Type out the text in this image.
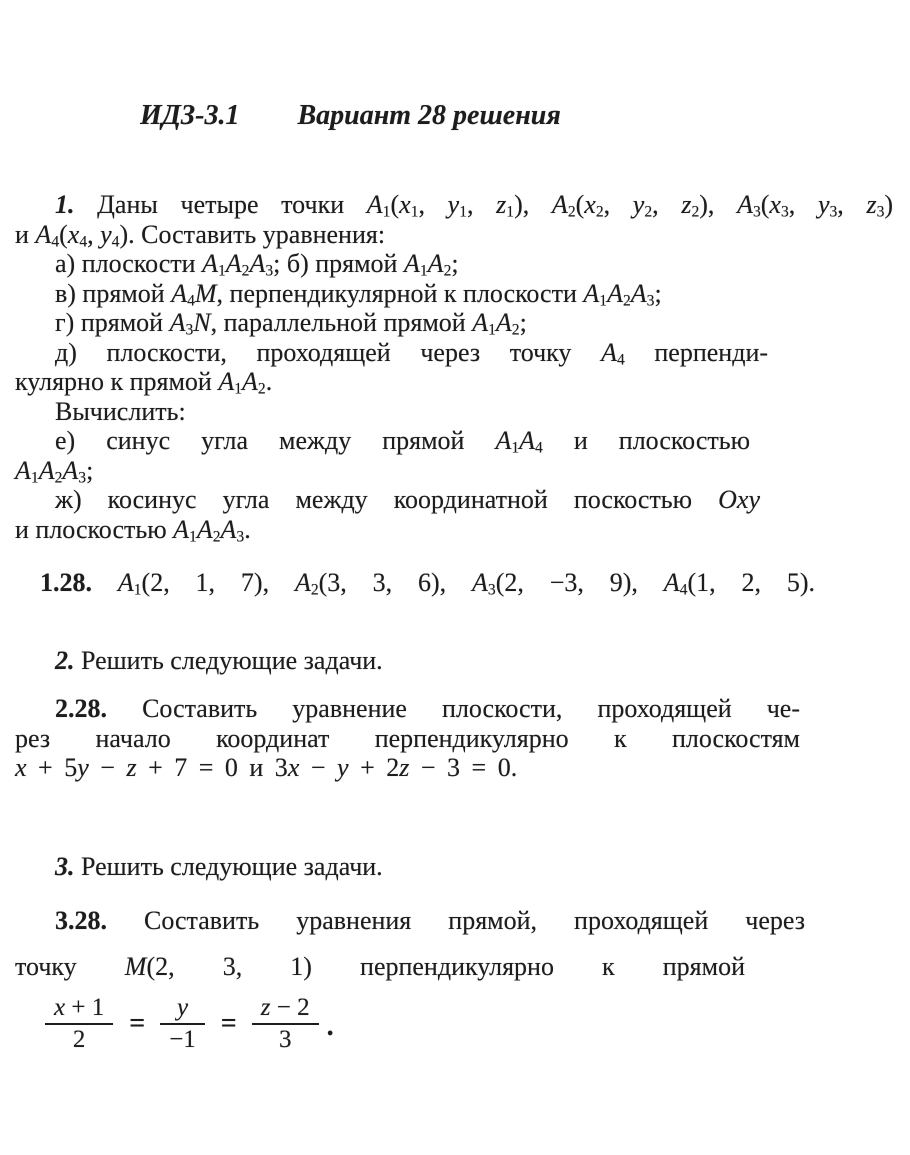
ИДЗ-3.1 Вариант 28 решения
1. Даны четыре точки $A_1(x_1$, $y_1$, $z_1$), $A_2(x_2$, $y_2$, $z_2$), $A_3(x_3$, $y_3$, $z_3$)
и $A_4(x_4$, $y_4$). Составить уравнения:
а) плоскости $A_1A_2A_3$; б) прямой $A_1A_2$;
в) прямой $A_4M$, перпендикулярной к плоскости $A_1A_2A_3$;
г) прямой $A_3N$, параллельной прямой $A_1A_2$;
д) плоскости, проходящей через точку $A_4$ перпенди-
кулярно к прямой $A_1A_2$.
Вычислить:
е) синус угла между прямой $A_1A_4$ и плоскостью
$A_1A_2A_3$;
ж) косинус угла между координатной поскостью Oxy
и плоскостью $A_1A_2A_3$.
1.28. $A_1(2$, 1, 7), $A_2(3$, 3, 6), $A_3(2$, −3, 9), $A_4(1$, 2, 5).
2. Решить следующие задачи.
2.28. Составить уравнение плоскости, проходящей че-
рез начало координат перпендикулярно к плоскостям
x + 5y − z + 7 = 0 и 3x − y + 2z − 3 = 0.
3. Решить следующие задачи.
3.28. Составить уравнения прямой, проходящей через
точку M(2, 3, 1) перпендикулярно к прямой
$\frac{x + 1}{2} = \frac{y}{-1} = \frac{z - 2}{3}$ .
